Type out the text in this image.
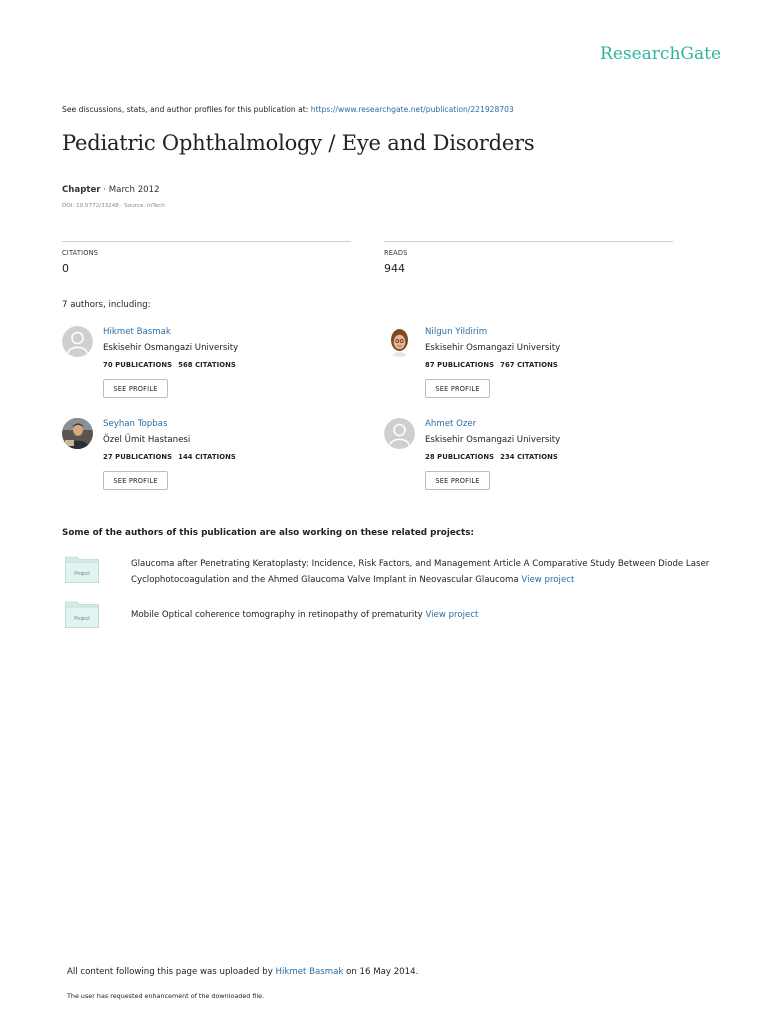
ResearchGate
See discussions, stats, and author profiles for this publication at: https://www.researchgate.net/publication/221928703
Pediatric Ophthalmology / Eye and Disorders
Chapter · March 2012
DOI: 10.5772/33248 · Source: InTech
CITATIONS
0
READS
944
7 authors, including:
Hikmet Basmak
Eskisehir Osmangazi University
70 PUBLICATIONS 568 CITATIONS
SEE PROFILE
Nilgun Yildirim
Eskisehir Osmangazi University
87 PUBLICATIONS 767 CITATIONS
SEE PROFILE
Seyhan Topbas
Özel Ümit Hastanesi
27 PUBLICATIONS 144 CITATIONS
SEE PROFILE
Ahmet Ozer
Eskisehir Osmangazi University
28 PUBLICATIONS 234 CITATIONS
SEE PROFILE
Some of the authors of this publication are also working on these related projects:
Project
Glaucoma after Penetrating Keratoplasty: Incidence, Risk Factors, and Management Article A Comparative Study Between Diode Laser Cyclophotocoagulation and the Ahmed Glaucoma Valve Implant in Neovascular Glaucoma View project
Project	Mobile Optical coherence tomography in retinopathy of prematurity View project
All content following this page was uploaded by Hikmet Basmak on 16 May 2014.
The user has requested enhancement of the downloaded file.
